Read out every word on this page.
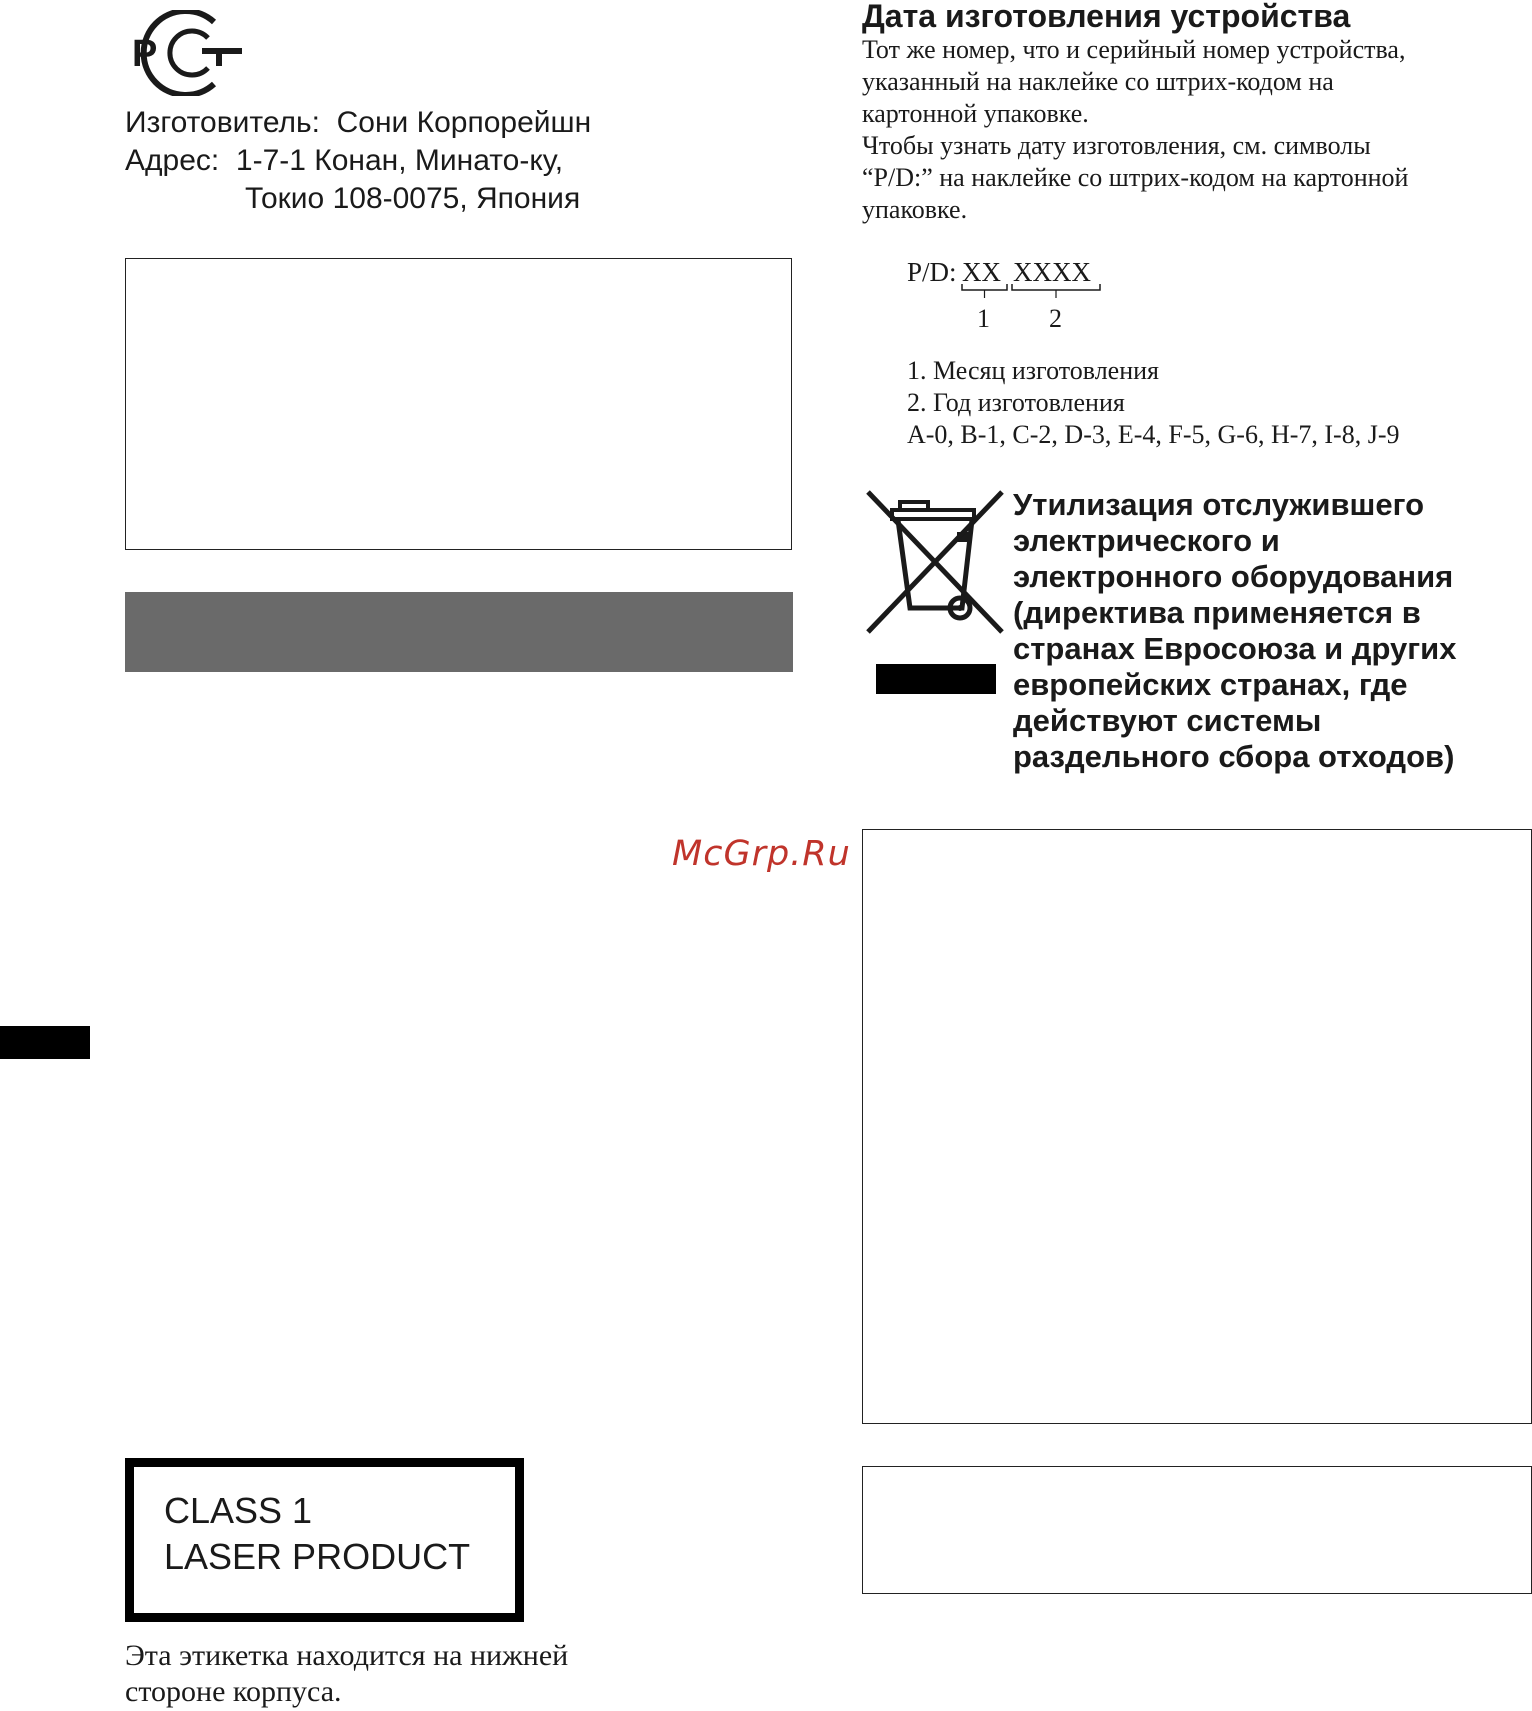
P
Изготовитель:  Сони Корпорейшн
Адрес:  1-7-1 Конан, Минато-ку,
Токио 108-0075, Япония
CLASS 1
LASER PRODUCT
Эта этикетка находится на нижней
стороне корпуса.
Дата изготовления устройства
Тот же номер, что и серийный номер устройства,
указанный на наклейке со штрих-кодом на
картонной упаковке.
Чтобы узнать дату изготовления, см. символы
“P/D:” на наклейке со штрих-кодом на картонной
упаковке.
P/D: XX XXXX
1 2
1. Месяц изготовления
2. Год изготовления
A-0, B-1, C-2, D-3, E-4, F-5, G-6, H-7, I-8, J-9
Утилизация отслужившего
электрического и
электронного оборудования
(директива применяется в
странах Евросоюза и других
европейских странах, где
действуют системы
раздельного сбора отходов)
McGrp.Ru
